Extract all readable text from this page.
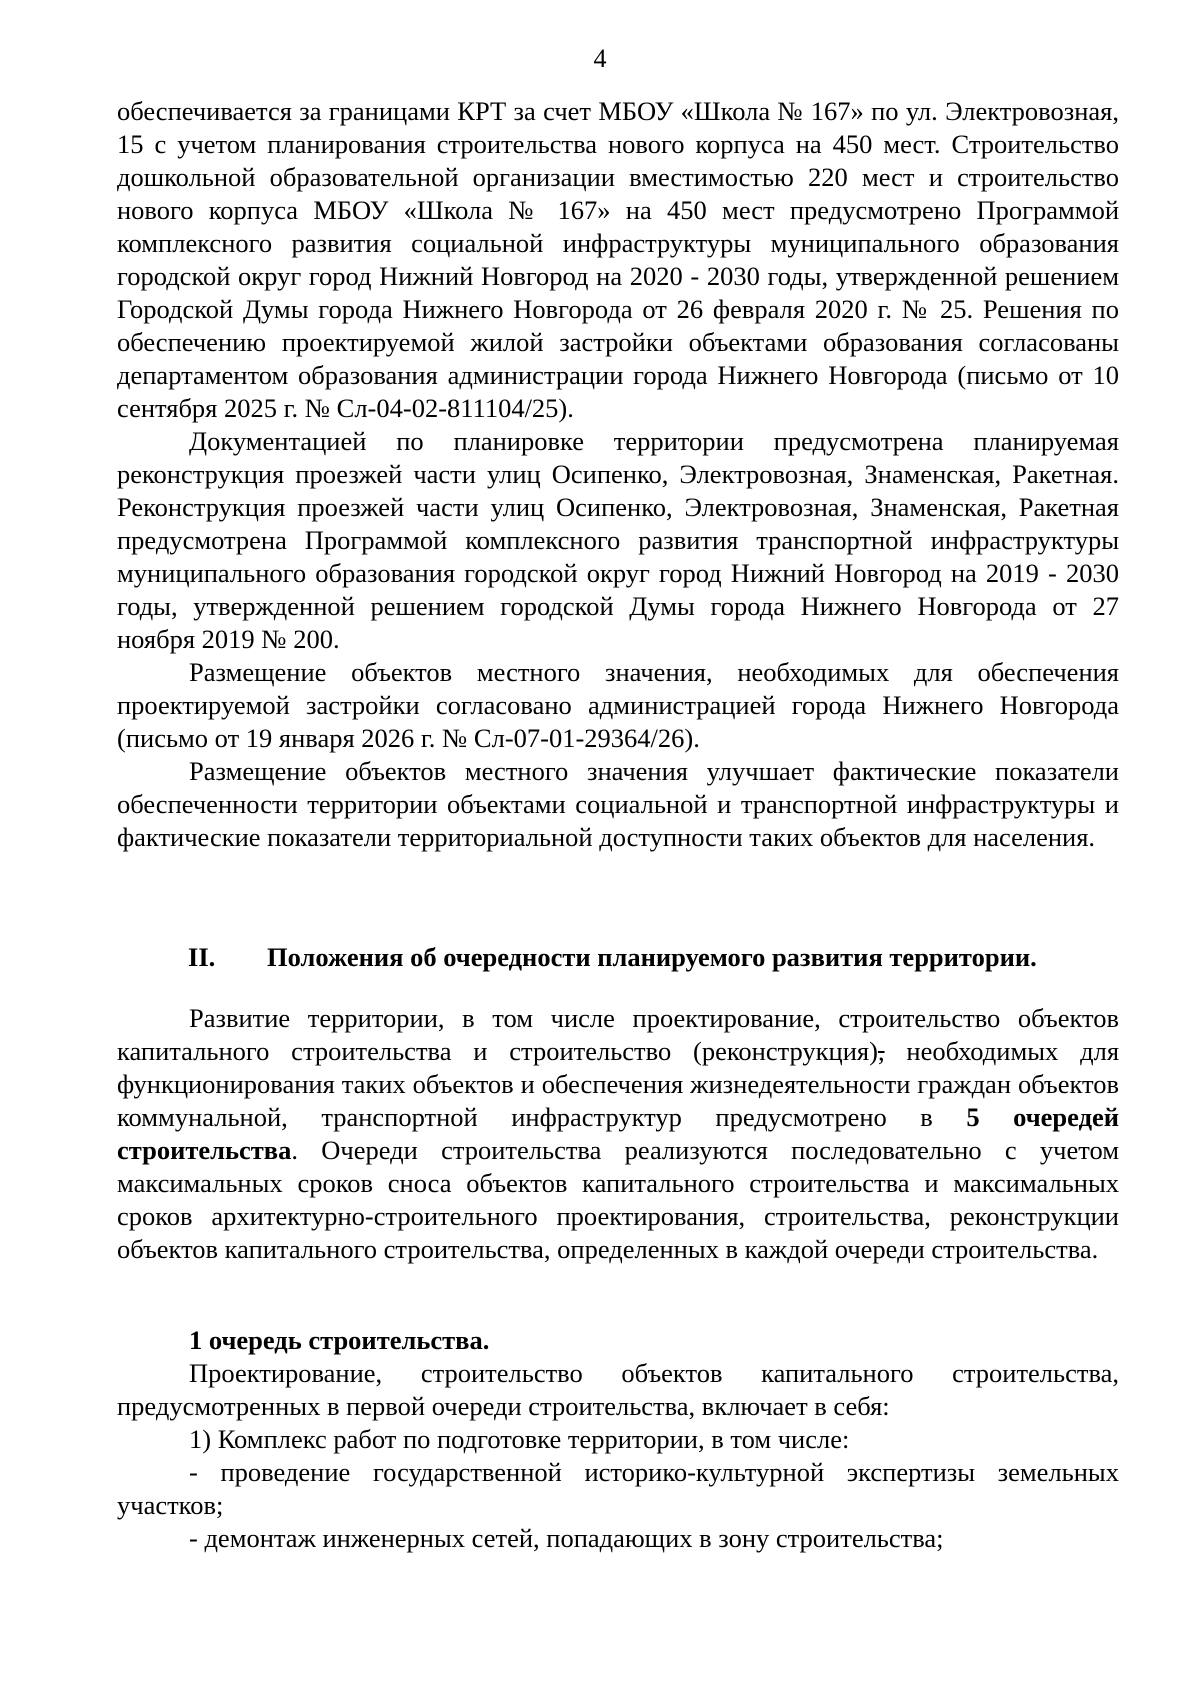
4

обеспечивается за границами КРТ за счет МБОУ «Школа № 167» по ул. Электровозная, 15 с учетом планирования строительства нового корпуса на 450 мест. Строительство дошкольной образовательной организации вместимостью 220 мест и строительство нового корпуса МБОУ «Школа № 167» на 450 мест предусмотрено Программой комплексного развития социальной инфраструктуры муниципального образования городской округ город Нижний Новгород на 2020 - 2030 годы, утвержденной решением Городской Думы города Нижнего Новгорода от 26 февраля 2020 г. № 25. Решения по обеспечению проектируемой жилой застройки объектами образования согласованы департаментом образования администрации города Нижнего Новгорода (письмо от 10 сентября 2025 г. № Сл-04-02-811104/25).

Документацией по планировке территории предусмотрена планируемая реконструкция проезжей части улиц Осипенко, Электровозная, Знаменская, Ракетная. Реконструкция проезжей части улиц Осипенко, Электровозная, Знаменская, Ракетная предусмотрена Программой комплексного развития транспортной инфраструктуры муниципального образования городской округ город Нижний Новгород на 2019 - 2030 годы, утвержденной решением городской Думы города Нижнего Новгорода от 27 ноября 2019 № 200.

Размещение объектов местного значения, необходимых для обеспечения проектируемой застройки согласовано администрацией города Нижнего Новгорода (письмо от 19 января 2026 г. № Сл-07-01-29364/26).

Размещение объектов местного значения улучшает фактические показатели обеспеченности территории объектами социальной и транспортной инфраструктуры и фактические показатели территориальной доступности таких объектов для населения.

II. Положения об очередности планируемого развития территории.

Развитие территории, в том числе проектирование, строительство объектов капитального строительства и строительство (реконструкция), необходимых для функционирования таких объектов и обеспечения жизнедеятельности граждан объектов коммунальной, транспортной инфраструктур предусмотрено в 5 очередей строительства. Очереди строительства реализуются последовательно с учетом максимальных сроков сноса объектов капитального строительства и максимальных сроков архитектурно-строительного проектирования, строительства, реконструкции объектов капитального строительства, определенных в каждой очереди строительства.

1 очередь строительства.

Проектирование, строительство объектов капитального строительства, предусмотренных в первой очереди строительства, включает в себя:

1) Комплекс работ по подготовке территории, в том числе:

- проведение государственной историко-культурной экспертизы земельных участков;

- демонтаж инженерных сетей, попадающих в зону строительства;
